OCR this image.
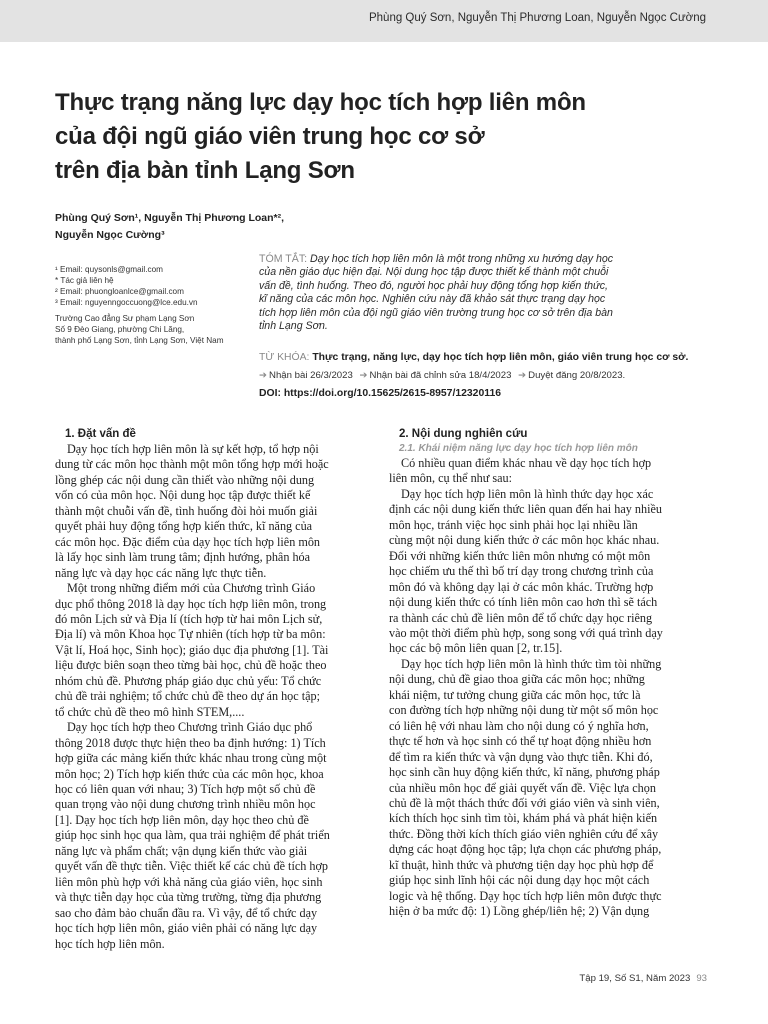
Phùng Quý Sơn, Nguyễn Thị Phương Loan, Nguyễn Ngọc Cường
Thực trạng năng lực dạy học tích hợp liên môn
của đội ngũ giáo viên trung học cơ sở
trên địa bàn tỉnh Lạng Sơn
Phùng Quý Sơn¹, Nguyễn Thị Phương Loan*²,
Nguyễn Ngọc Cường³
¹ Email: quysonls@gmail.com
* Tác giả liên hệ
² Email: phuongloanlce@gmail.com
³ Email: nguyenngoccuong@lce.edu.vn
Trường Cao đẳng Sư phạm Lạng Sơn
Số 9 Đèo Giang, phường Chi Lăng,
thành phố Lạng Sơn, tỉnh Lạng Sơn, Việt Nam
TÓM TẮT: Dạy học tích hợp liên môn là một trong những xu hướng dạy học
của nền giáo dục hiện đại. Nội dung học tập được thiết kế thành một chuỗi
vấn đề, tình huống. Theo đó, người học phải huy động tổng hợp kiến thức,
kĩ năng của các môn học. Nghiên cứu này đã khảo sát thực trạng dạy học
tích hợp liên môn của đội ngũ giáo viên trường trung học cơ sở trên địa bàn
tỉnh Lạng Sơn.
TỪ KHÓA: Thực trạng, năng lực, dạy học tích hợp liên môn, giáo viên trung học cơ sở.
➔ Nhận bài 26/3/2023 ➔ Nhận bài đã chỉnh sửa 18/4/2023 ➔ Duyệt đăng 20/8/2023.
DOI: https://doi.org/10.15625/2615-8957/12320116
1. Đặt vấn đề
Dạy học tích hợp liên môn là sự kết hợp, tổ hợp nội
dung từ các môn học thành một môn tổng hợp mới hoặc
lồng ghép các nội dung cần thiết vào những nội dung
vốn có của môn học. Nội dung học tập được thiết kế
thành một chuỗi vấn đề, tình huống đòi hỏi muốn giải
quyết phải huy động tổng hợp kiến thức, kĩ năng của
các môn học. Đặc điểm của dạy học tích hợp liên môn
là lấy học sinh làm trung tâm; định hướng, phân hóa
năng lực và dạy học các năng lực thực tiễn.
Một trong những điểm mới của Chương trình Giáo
dục phổ thông 2018 là dạy học tích hợp liên môn, trong
đó môn Lịch sử và Địa lí (tích hợp từ hai môn Lịch sử,
Địa lí) và môn Khoa học Tự nhiên (tích hợp từ ba môn:
Vật lí, Hoá học, Sinh học); giáo dục địa phương [1]. Tài
liệu được biên soạn theo từng bài học, chủ đề hoặc theo
nhóm chủ đề. Phương pháp giáo dục chủ yếu: Tổ chức
chủ đề trải nghiệm; tổ chức chủ đề theo dự án học tập;
tổ chức chủ đề theo mô hình STEM,....
Dạy học tích hợp theo Chương trình Giáo dục phổ
thông 2018 được thực hiện theo ba định hướng: 1) Tích
hợp giữa các mảng kiến thức khác nhau trong cùng một
môn học; 2) Tích hợp kiến thức của các môn học, khoa
học có liên quan với nhau; 3) Tích hợp một số chủ đề
quan trọng vào nội dung chương trình nhiều môn học
[1]. Dạy học tích hợp liên môn, dạy học theo chủ đề
giúp học sinh học qua làm, qua trải nghiệm để phát triển
năng lực và phẩm chất; vận dụng kiến thức vào giải
quyết vấn đề thực tiễn. Việc thiết kế các chủ đề tích hợp
liên môn phù hợp với khả năng của giáo viên, học sinh
và thực tiễn dạy học của từng trường, từng địa phương
sao cho đảm bảo chuẩn đầu ra. Vì vậy, để tổ chức dạy
học tích hợp liên môn, giáo viên phải có năng lực dạy
học tích hợp liên môn.
2. Nội dung nghiên cứu
2.1. Khái niệm năng lực dạy học tích hợp liên môn
Có nhiều quan điểm khác nhau về dạy học tích hợp
liên môn, cụ thể như sau:
Dạy học tích hợp liên môn là hình thức dạy học xác
định các nội dung kiến thức liên quan đến hai hay nhiều
môn học, tránh việc học sinh phải học lại nhiều lần
cùng một nội dung kiến thức ở các môn học khác nhau.
Đối với những kiến thức liên môn nhưng có một môn
học chiếm ưu thế thì bố trí dạy trong chương trình của
môn đó và không dạy lại ở các môn khác. Trường hợp
nội dung kiến thức có tính liên môn cao hơn thì sẽ tách
ra thành các chủ đề liên môn để tổ chức dạy học riêng
vào một thời điểm phù hợp, song song với quá trình dạy
học các bộ môn liên quan [2, tr.15].
Dạy học tích hợp liên môn là hình thức tìm tòi những
nội dung, chủ đề giao thoa giữa các môn học; những
khái niệm, tư tưởng chung giữa các môn học, tức là
con đường tích hợp những nội dung từ một số môn học
có liên hệ với nhau làm cho nội dung có ý nghĩa hơn,
thực tế hơn và học sinh có thể tự hoạt động nhiều hơn
để tìm ra kiến thức và vận dụng vào thực tiễn. Khi đó,
học sinh cần huy động kiến thức, kĩ năng, phương pháp
của nhiều môn học để giải quyết vấn đề. Việc lựa chọn
chủ đề là một thách thức đối với giáo viên và sinh viên,
kích thích học sinh tìm tòi, khám phá và phát hiện kiến
thức. Đồng thời kích thích giáo viên nghiên cứu để xây
dựng các hoạt động học tập; lựa chọn các phương pháp,
kĩ thuật, hình thức và phương tiện dạy học phù hợp để
giúp học sinh lĩnh hội các nội dung dạy học một cách
logic và hệ thống. Dạy học tích hợp liên môn được thực
hiện ở ba mức độ: 1) Lồng ghép/liên hệ; 2) Vận dụng
Tập 19, Số S1, Năm 2023 93
